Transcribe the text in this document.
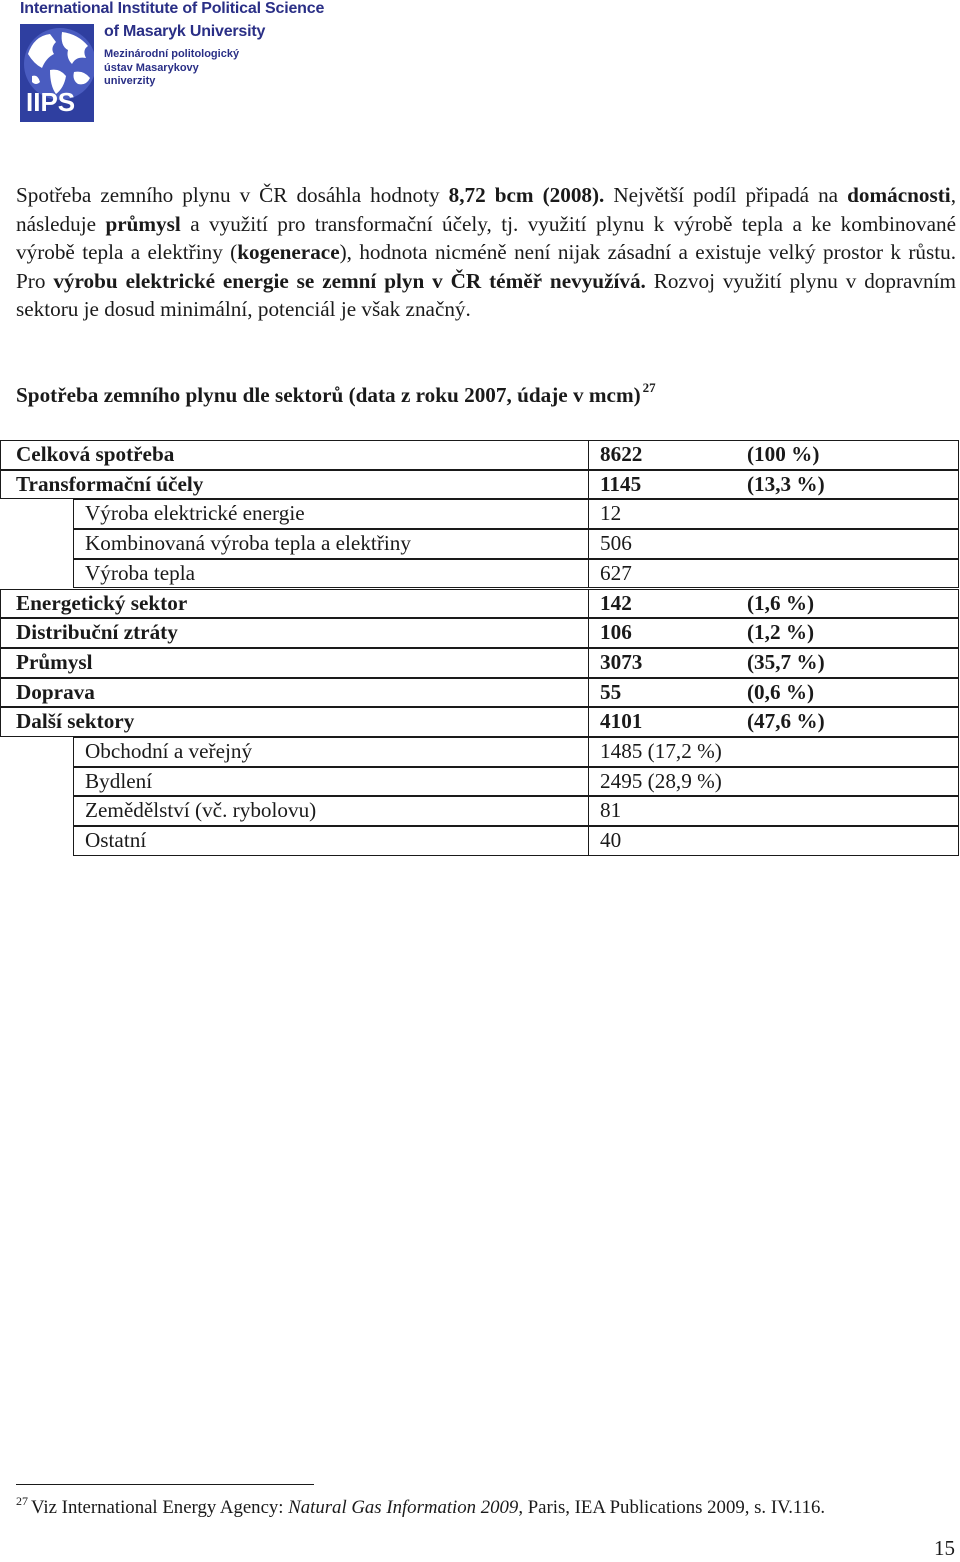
International Institute of Political Science
IIPS
of Masaryk University
Mezinárodní politologický
ústav Masarykovy
univerzity
Spotřeba zemního plynu v ČR dosáhla hodnoty 8,72 bcm (2008). Největší podíl připadá na domácnosti, následuje průmysl a využití pro transformační účely, tj. využití plynu k výrobě tepla a ke kombinované výrobě tepla a elektřiny (kogenerace), hodnota nicméně není nijak zásadní a existuje velký prostor k růstu. Pro výrobu elektrické energie se zemní plyn v ČR téměř nevyužívá. Rozvoj využití plynu v dopravním sektoru je dosud minimální, potenciál je však značný.
Spotřeba zemního plynu dle sektorů (data z roku 2007, údaje v mcm) $^{27}$
Celková spotřeba	8622	(100 %)
Transformační účely	1145	(13,3 %)
Výroba elektrické energie	12
Kombinovaná výroba tepla a elektřiny	506
Výroba tepla	627
Energetický sektor	142	(1,6 %)
Distribuční ztráty	106	(1,2 %)
Průmysl	3073	(35,7 %)
Doprava	55	(0,6 %)
Další sektory	4101	(47,6 %)
Obchodní a veřejný	1485 (17,2 %)
Bydlení	2495 (28,9 %)
Zemědělství (vč. rybolovu)	81
Ostatní	40
$^{27}$ Viz International Energy Agency: Natural Gas Information 2009, Paris, IEA Publications 2009, s. IV.116.
15
